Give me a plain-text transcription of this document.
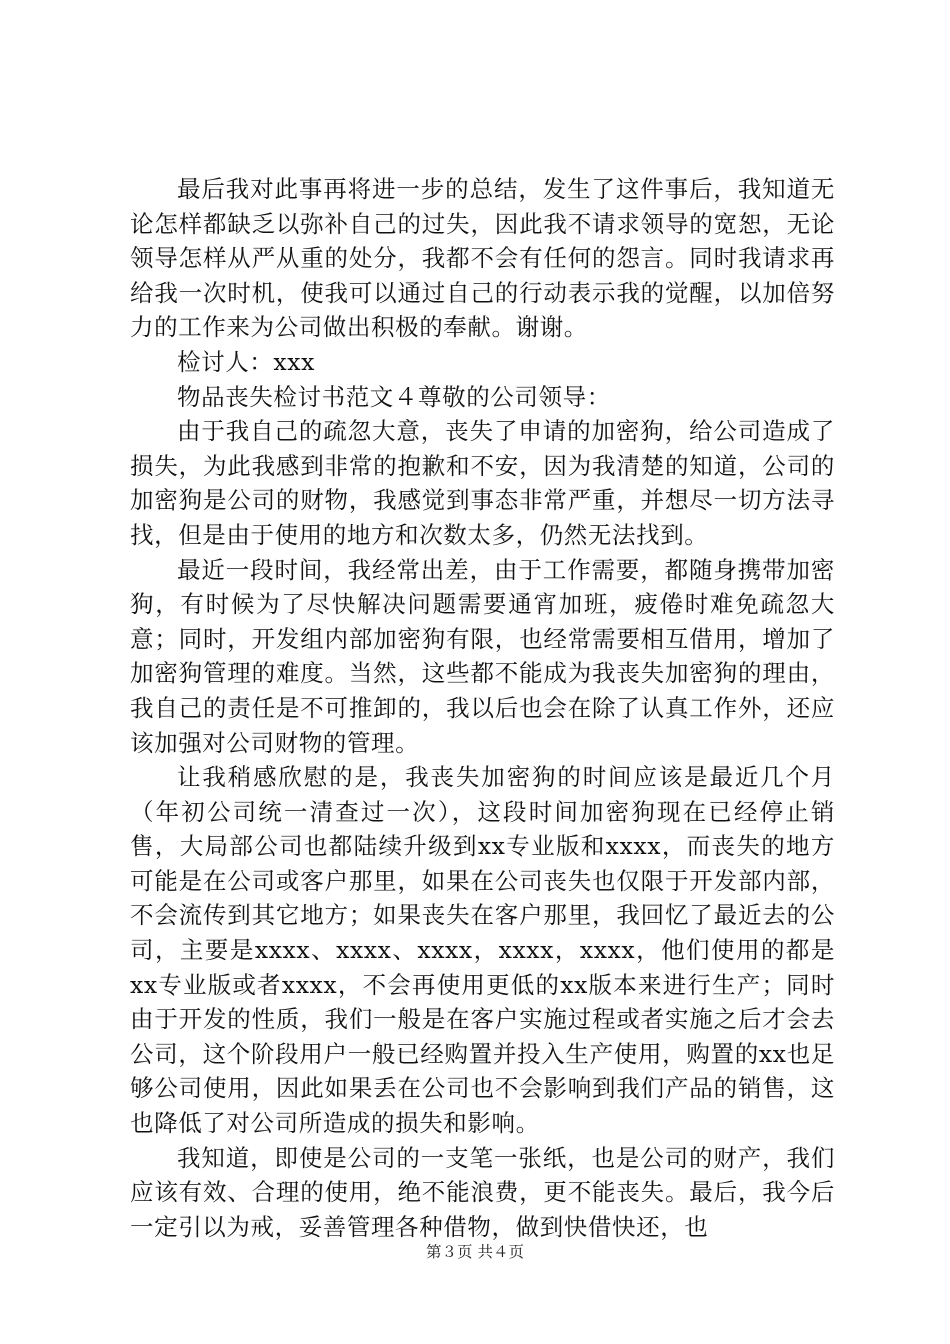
最后我对此事再将进一步的总结，发生了这件事后，我知道无论怎样都缺乏以弥补自己的过失，因此我不请求领导的宽恕，无论领导怎样从严从重的处分，我都不会有任何的怨言。同时我请求再给我一次时机，使我可以通过自己的行动表示我的觉醒，以加倍努力的工作来为公司做出积极的奉献。谢谢。

检讨人：xxx

物品丧失检讨书范文４尊敬的公司领导：

由于我自己的疏忽大意，丧失了申请的加密狗，给公司造成了损失，为此我感到非常的抱歉和不安，因为我清楚的知道，公司的加密狗是公司的财物，我感觉到事态非常严重，并想尽一切方法寻找，但是由于使用的地方和次数太多，仍然无法找到。

最近一段时间，我经常出差，由于工作需要，都随身携带加密狗，有时候为了尽快解决问题需要通宵加班，疲倦时难免疏忽大意；同时，开发组内部加密狗有限，也经常需要相互借用，增加了加密狗管理的难度。当然，这些都不能成为我丧失加密狗的理由，我自己的责任是不可推卸的，我以后也会在除了认真工作外，还应该加强对公司财物的管理。

让我稍感欣慰的是，我丧失加密狗的时间应该是最近几个月（年初公司统一清查过一次），这段时间加密狗现在已经停止销售，大局部公司也都陆续升级到xx专业版和xxxx，而丧失的地方可能是在公司或客户那里，如果在公司丧失也仅限于开发部内部，不会流传到其它地方；如果丧失在客户那里，我回忆了最近去的公司，主要是xxxx、xxxx、xxxx，xxxx，xxxx，他们使用的都是xx专业版或者xxxx，不会再使用更低的xx版本来进行生产；同时由于开发的性质，我们一般是在客户实施过程或者实施之后才会去公司，这个阶段用户一般已经购置并投入生产使用，购置的xx也足够公司使用，因此如果丢在公司也不会影响到我们产品的销售，这也降低了对公司所造成的损失和影响。

我知道，即使是公司的一支笔一张纸，也是公司的财产，我们应该有效、合理的使用，绝不能浪费，更不能丧失。最后，我今后一定引以为戒，妥善管理各种借物，做到快借快还，也

第３页 共４页
